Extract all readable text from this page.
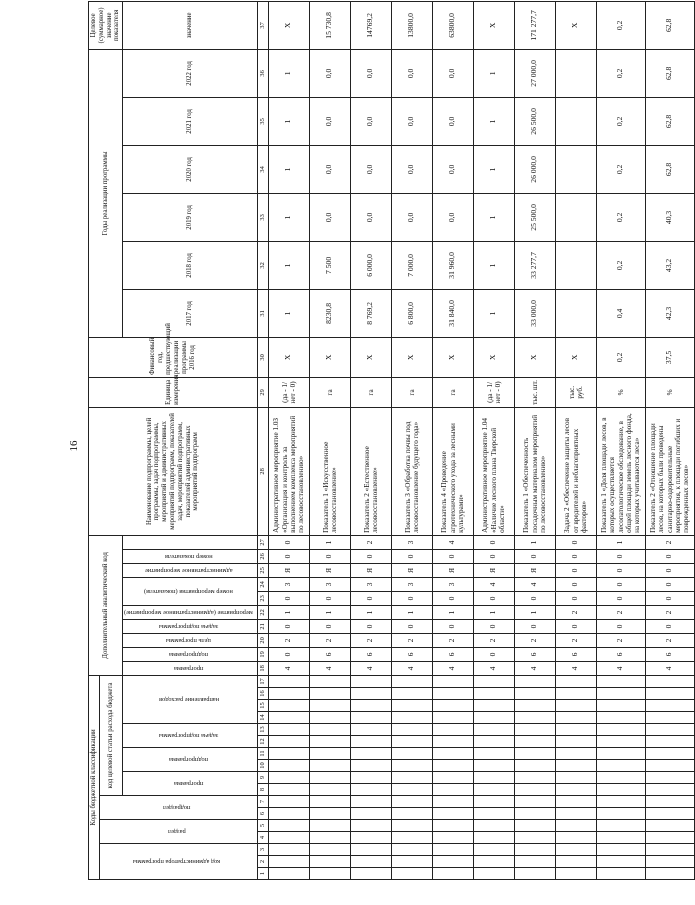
16
Коды бюджетной классификации																	Дополнительный аналитический код										Наименование подпрограммы, целей программы, задач подпрограммы, мероприятий и административных мероприятий подпрограмм, показателей задач, мероприятий подпрограмм, показателей административных мероприятий подпрограмм	Единица измерения	Финансовый год, предшествующий реализации программы 2016 год	Годы реализации программы						Целевое (суммарное) значение показателя
код администратора программы			раздел		подраздел		код целевой статьи расхода бюджета																													
							программа		подпрограмма		задача подпрограммы		направление расходов				программа	подпрограмма	цель программы	задача подпрограммы	мероприятие (административное мероприятие)	номер мероприятия (показателя)		административное мероприятие	номер показателя					2017 год	2018 год	2019 год	2020 год	2021 год	2022 год	значение
1	2	3	4	5	6	7	8	9	10	11	12	13	14	15	16	17	18	19	20	21	22	23	24	25	26	27	28	29	30	31	32	33	34	35	36	37
																	4	0	2	0	1	0	3	Я	0	0	Административное мероприятие 1.03 «Организация и контроль за выполнением комплекса мероприятий по лесовосстановлению»	(да - 1/ нет - 0)	X	1	1	1	1	1	1	X
																	4	6	2	0	1	0	3	Я	0	1	Показатель 1 «Искусственное лесовосстановление»	га	X	8230,8	7 500	0,0	0,0	0,0	0,0	15 730,8
																	4	6	2	0	1	0	3	Я	0	2	Показатель 2 «Естественное лесовосстановление»	га	X	8 769,2	6 000,0	0,0	0,0	0,0	0,0	14769,2
																	4	6	2	0	1	0	3	Я	0	3	Показатель 3 «Обработка почвы под лесовосстановление будущего года»	га	X	6 800,0	7 000,0	0,0	0,0	0,0	0,0	13800,0
																	4	6	2	0	1	0	3	Я	0	4	Показатель 4 «Проведение агротехнического ухода за лесными культурами»	га	X	31 840,0	31 960,0	0,0	0,0	0,0	0,0	63800,0
																	4	0	2	0	1	0	4	Я	0	0	Административное мероприятие 1.04 «Наличие лесного плана Тверской области»	(да - 1/ нет - 0)	X	1	1	1	1	1	1	X
																	4	6	2	0	1	0	4	Я	0	1	Показатель 1 «Обеспеченность посадочным материалом мероприятий по лесовосстановлению»	тыс. шт.	X	33 000,0	33 277,7	25 500,0	26 000,0	26 500,0	27 000,0	171 277,7
																	4	6	2	0	2	0	0	0	0	0	Задача 2 «Обеспечение защиты лесов от вредителей и неблагоприятных факторов»	тыс. руб.	X							X
																	4	6	2	0	2	0	0	0	0	1	Показатель 1 «Доля площади лесов, в которых осуществляется лесопатологическое обследование, в общей площади земель лесного фонда, на которых учитываются леса»	%	0,2	0,4	0,2	0,2	0,2	0,2	0,2	0,2
																	4	6	2	0	2	0	0	0	0	2	Показатель 2 «Отношение площади лесов, на которых были проведены санитарно-оздоровительные мероприятия, к площади погибших и поврежденных лесов»	%	37,5	42,3	43,2	40,3	62,8	62,8	62,8	62,8
